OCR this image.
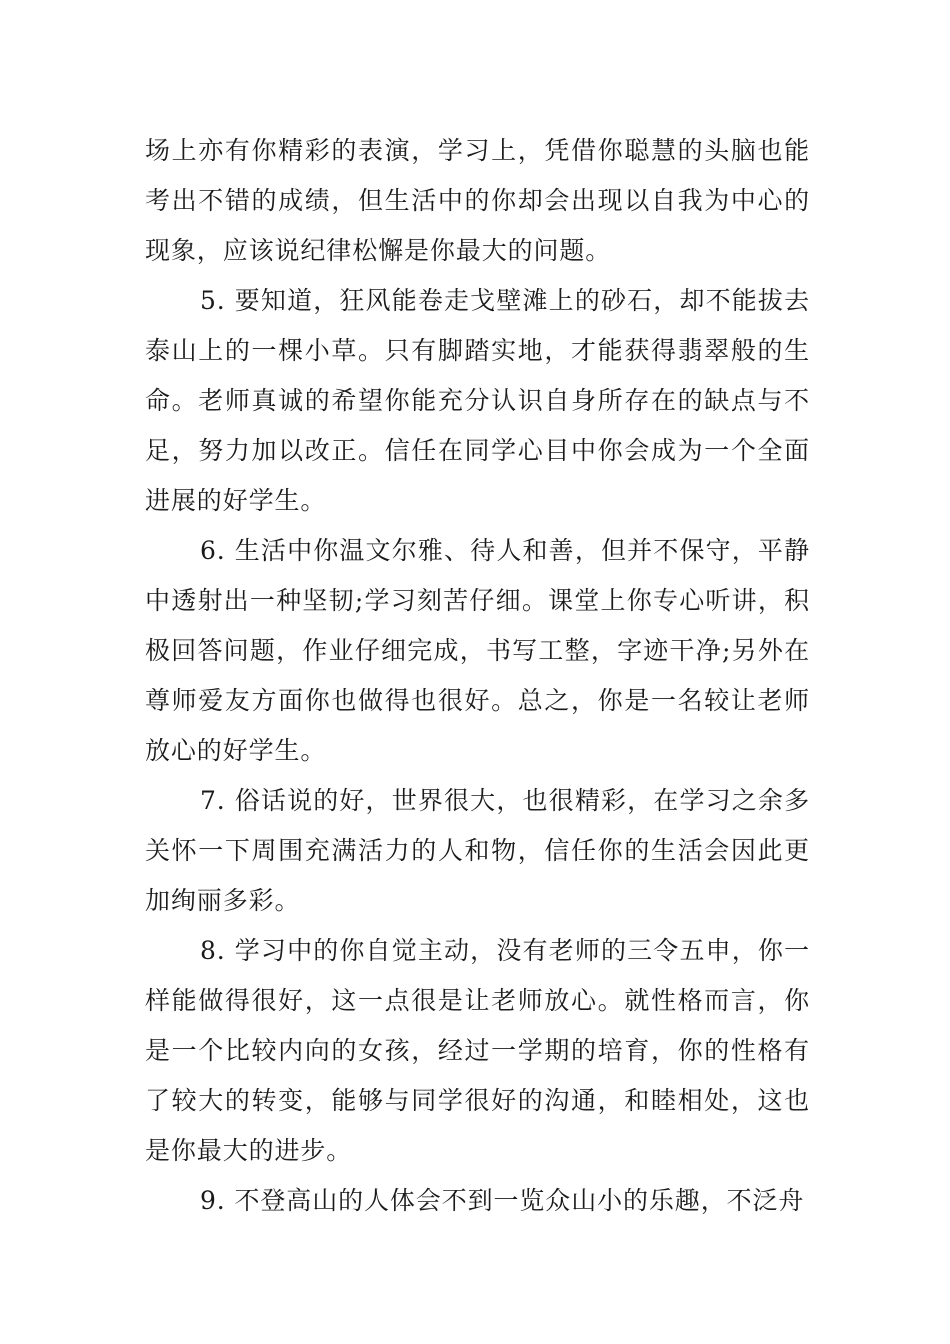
场上亦有你精彩的表演，学习上，凭借你聪慧的头脑也能考出不错的成绩，但生活中的你却会出现以自我为中心的现象，应该说纪律松懈是你最大的问题。

5. 要知道，狂风能卷走戈壁滩上的砂石，却不能拔去泰山上的一棵小草。只有脚踏实地，才能获得翡翠般的生命。老师真诚的希望你能充分认识自身所存在的缺点与不足，努力加以改正。信任在同学心目中你会成为一个全面进展的好学生。

6. 生活中你温文尔雅、待人和善，但并不保守，平静中透射出一种坚韧;学习刻苦仔细。课堂上你专心听讲，积极回答问题，作业仔细完成，书写工整，字迹干净;另外在尊师爱友方面你也做得也很好。总之，你是一名较让老师放心的好学生。

7. 俗话说的好，世界很大，也很精彩，在学习之余多关怀一下周围充满活力的人和物，信任你的生活会因此更加绚丽多彩。

8. 学习中的你自觉主动，没有老师的三令五申，你一样能做得很好，这一点很是让老师放心。就性格而言，你是一个比较内向的女孩，经过一学期的培育，你的性格有了较大的转变，能够与同学很好的沟通，和睦相处，这也是你最大的进步。

9. 不登高山的人体会不到一览众山小的乐趣，不泛舟
